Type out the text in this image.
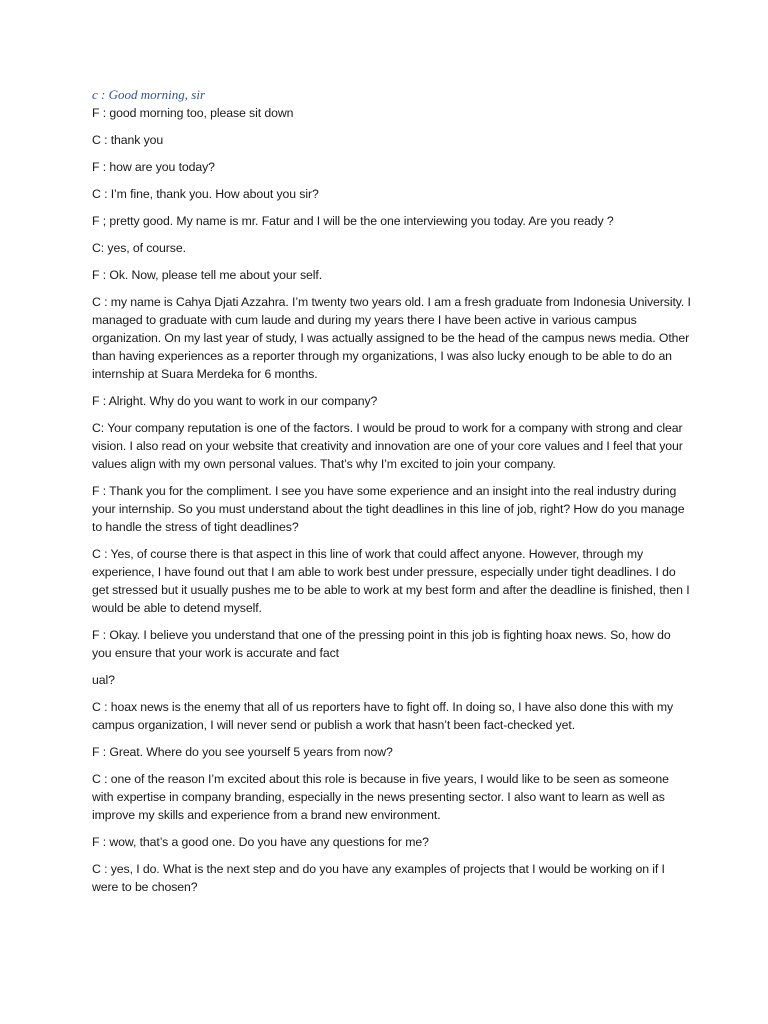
c : Good morning, sir

F : good morning too, please sit down

C : thank you

F : how are you today?

C : I’m fine, thank you. How about you sir?

F ; pretty good. My name is mr. Fatur and I will be the one interviewing you today. Are you ready ?

C: yes, of course.

F : Ok. Now, please tell me about your self.

C : my name is Cahya Djati Azzahra. I’m twenty two years old. I am a fresh graduate from Indonesia University. I managed to graduate with cum laude and during my years there I have been active in various campus organization. On my last year of study, I was actually assigned to be the head of the campus news media. Other than having experiences as a reporter through my organizations, I was also lucky enough to be able to do an internship at Suara Merdeka for 6 months.

F : Alright. Why do you want to work in our company?

C: Your company reputation is one of the factors. I would be proud to work for a company with strong and clear vision. I also read on your website that creativity and innovation are one of your core values and I feel that your values align with my own personal values. That’s why I’m excited to join your company.

F : Thank you for the compliment. I see you have some experience and an insight into the real industry during your internship. So you must understand about the tight deadlines in this line of job, right? How do you manage to handle the stress of tight deadlines?

C : Yes, of course there is that aspect in this line of work that could affect anyone. However, through my experience, I have found out that I am able to work best under pressure, especially under tight deadlines. I do get stressed but it usually pushes me to be able to work at my best form and after the deadline is finished, then I would be able to detend myself.

F : Okay. I believe you understand that one of the pressing point in this job is fighting hoax news. So, how do you ensure that your work is accurate and fact

ual?

C : hoax news is the enemy that all of us reporters have to fight off. In doing so, I have also done this with my campus organization, I will never send or publish a work that hasn’t been fact-checked yet.

F : Great. Where do you see yourself 5 years from now?

C : one of the reason I’m excited about this role is because in five years, I would like to be seen as someone with expertise in company branding, especially in the news presenting sector. I also want to learn as well as improve my skills and experience from a brand new environment.

F : wow, that’s a good one. Do you have any questions for me?

C : yes, I do. What is the next step and do you have any examples of projects that I would be working on if I were to be chosen?
